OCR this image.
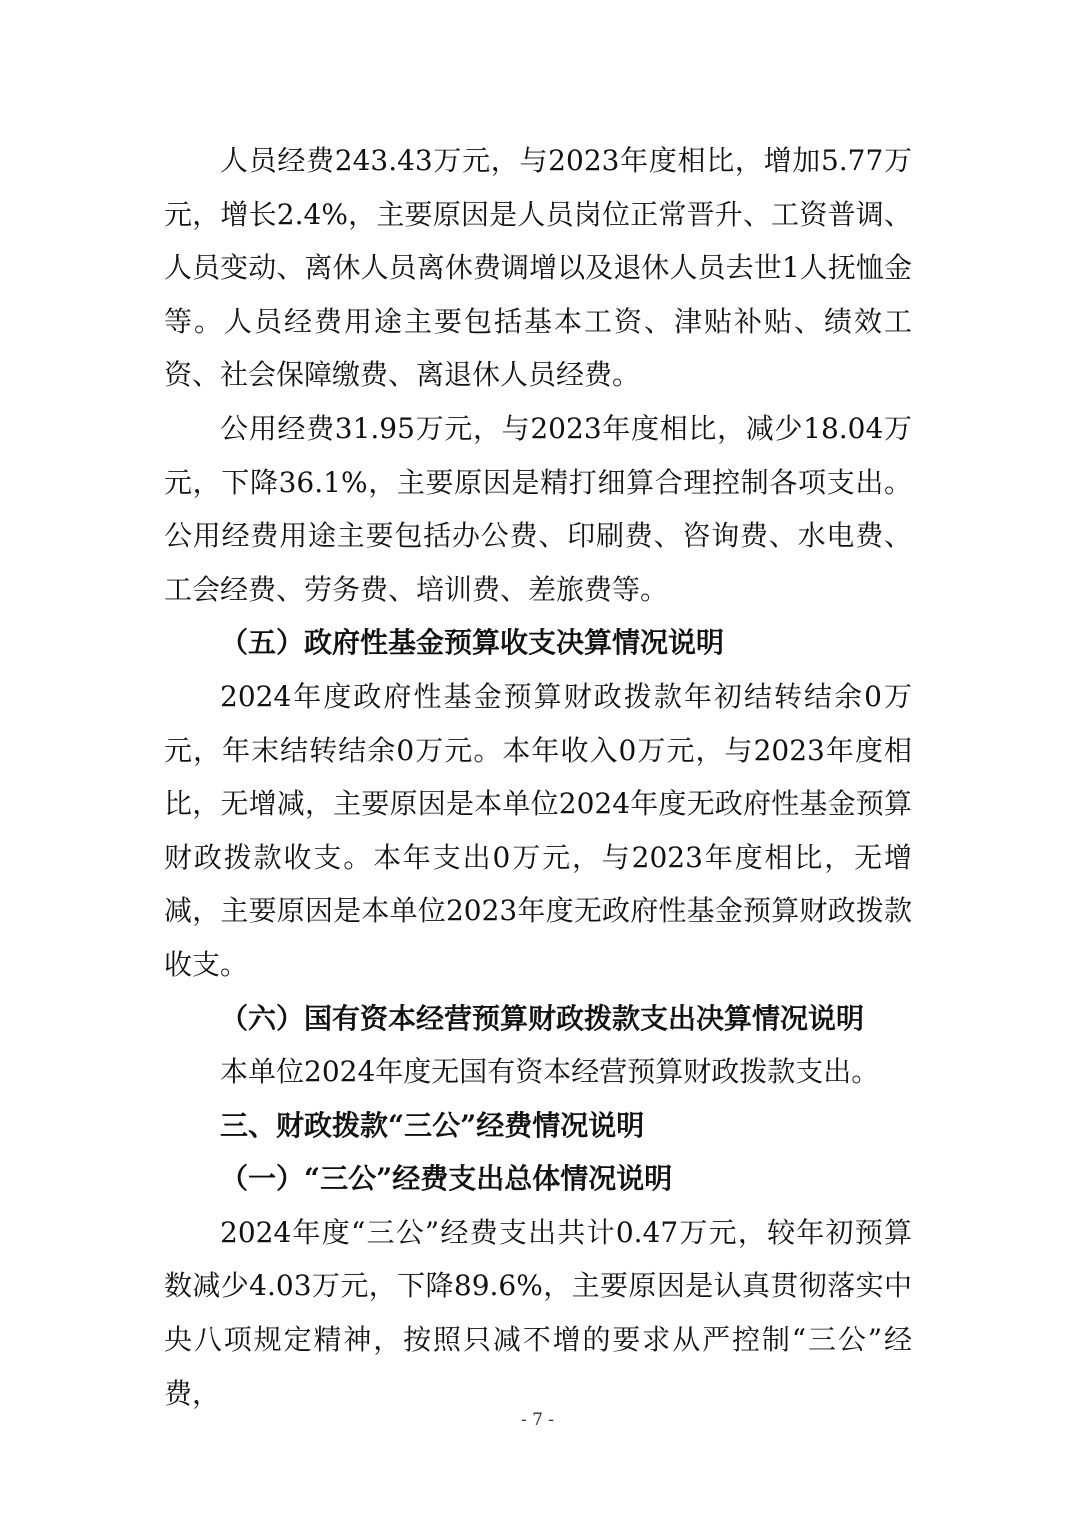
人员经费243.43万元，与2023年度相比，增加5.77万元，增长2.4%，主要原因是人员岗位正常晋升、工资普调、人员变动、离休人员离休费调增以及退休人员去世1人抚恤金等。人员经费用途主要包括基本工资、津贴补贴、绩效工资、社会保障缴费、离退休人员经费。

公用经费31.95万元，与2023年度相比，减少18.04万元，下降36.1%，主要原因是精打细算合理控制各项支出。公用经费用途主要包括办公费、印刷费、咨询费、水电费、工会经费、劳务费、培训费、差旅费等。

（五）政府性基金预算收支决算情况说明

2024年度政府性基金预算财政拨款年初结转结余0万元，年末结转结余0万元。本年收入0万元，与2023年度相比，无增减，主要原因是本单位2024年度无政府性基金预算财政拨款收支。本年支出0万元，与2023年度相比，无增减，主要原因是本单位2023年度无政府性基金预算财政拨款收支。

（六）国有资本经营预算财政拨款支出决算情况说明

本单位2024年度无国有资本经营预算财政拨款支出。

三、财政拨款“三公”经费情况说明
（一）“三公”经费支出总体情况说明

2024年度“三公”经费支出共计0.47万元，较年初预算数减少4.03万元，下降89.6%，主要原因是认真贯彻落实中央八项规定精神，按照只减不增的要求从严控制“三公”经费，

- 7 -
